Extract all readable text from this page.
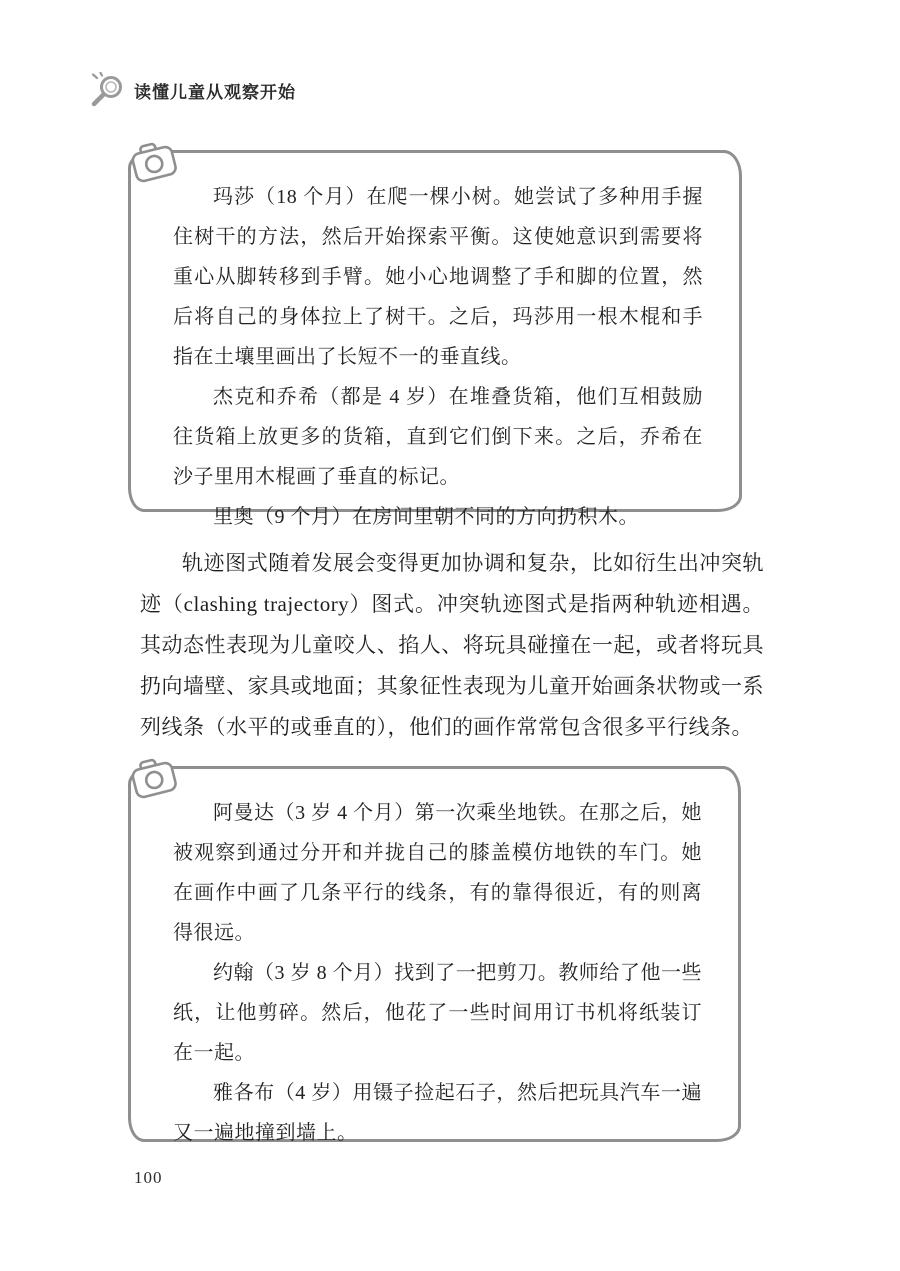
读懂儿童从观察开始

玛莎（18 个月）在爬一棵小树。她尝试了多种用手握住树干的方法，然后开始探索平衡。这使她意识到需要将重心从脚转移到手臂。她小心地调整了手和脚的位置，然后将自己的身体拉上了树干。之后，玛莎用一根木棍和手指在土壤里画出了长短不一的垂直线。

杰克和乔希（都是 4 岁）在堆叠货箱，他们互相鼓励往货箱上放更多的货箱，直到它们倒下来。之后，乔希在沙子里用木棍画了垂直的标记。

里奥（9 个月）在房间里朝不同的方向扔积木。

轨迹图式随着发展会变得更加协调和复杂，比如衍生出冲突轨迹（clashing trajectory）图式。冲突轨迹图式是指两种轨迹相遇。其动态性表现为儿童咬人、掐人、将玩具碰撞在一起，或者将玩具扔向墙壁、家具或地面；其象征性表现为儿童开始画条状物或一系列线条（水平的或垂直的），他们的画作常常包含很多平行线条。

阿曼达（3 岁 4 个月）第一次乘坐地铁。在那之后，她被观察到通过分开和并拢自己的膝盖模仿地铁的车门。她在画作中画了几条平行的线条，有的靠得很近，有的则离得很远。

约翰（3 岁 8 个月）找到了一把剪刀。教师给了他一些纸，让他剪碎。然后，他花了一些时间用订书机将纸装订在一起。

雅各布（4 岁）用镊子捡起石子，然后把玩具汽车一遍又一遍地撞到墙上。

100
